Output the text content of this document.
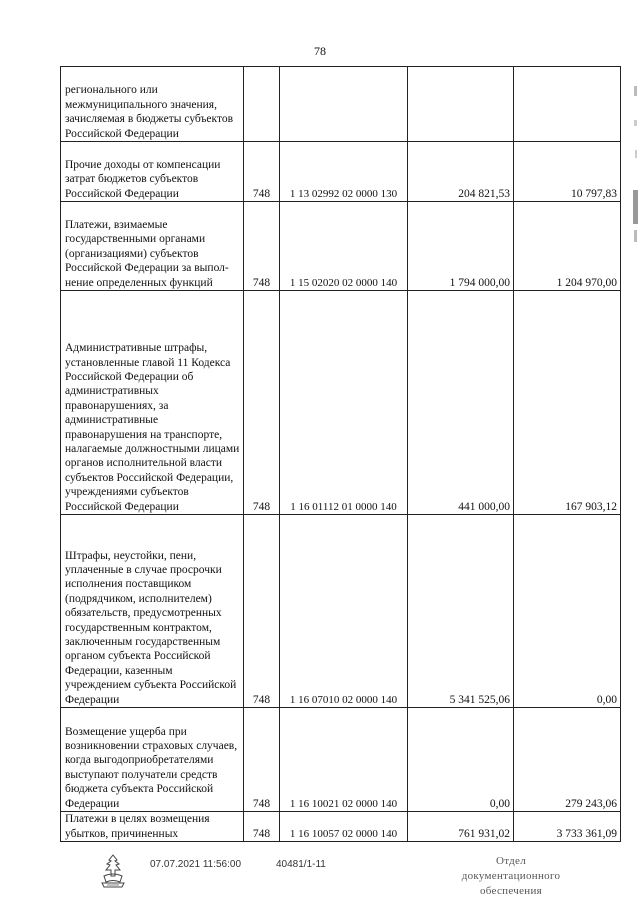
78
регионального или межмуниципального значения, зачисляемая в бюджеты субъектов Российской Федерации				

Прочие доходы от компенсации затрат бюджетов субъектов Российской Федерации	748	1 13 02992 02 0000 130	204 821,53	10 797,83

Платежи, взимаемые государственными органами (организациями) субъектов Российской Федерации за выпол-нение определенных функций	748	1 15 02020 02 0000 140	1 794 000,00	1 204 970,00

Административные штрафы, установленные главой 11 Кодекса Российской Федерации об административных правонарушениях, за административные правонарушения на транспорте, налагаемые должностными лицами органов исполнительной власти субъектов Российской Федерации, учреждениями субъектов Российской Федерации	748	1 16 01112 01 0000 140	441 000,00	167 903,12

Штрафы, неустойки, пени, уплаченные в случае просрочки исполнения поставщиком (подрядчиком, исполнителем) обязательств, предусмотренных государственным контрактом, заключенным государственным органом субъекта Российской Федерации, казенным учреждением субъекта Российской Федерации	748	1 16 07010 02 0000 140	5 341 525,06	0,00

Возмещение ущерба при возникновении страховых случаев, когда выгодоприобретателями выступают получатели средств бюджета субъекта Российской Федерации	748	1 16 10021 02 0000 140	0,00	279 243,06

Платежи в целях возмещения убытков, причиненных	748	1 16 10057 02 0000 140	761 931,02	3 733 361,09
07.07.2021 11:56:00	40481/1-11	Отдел документационного
обеспечения
